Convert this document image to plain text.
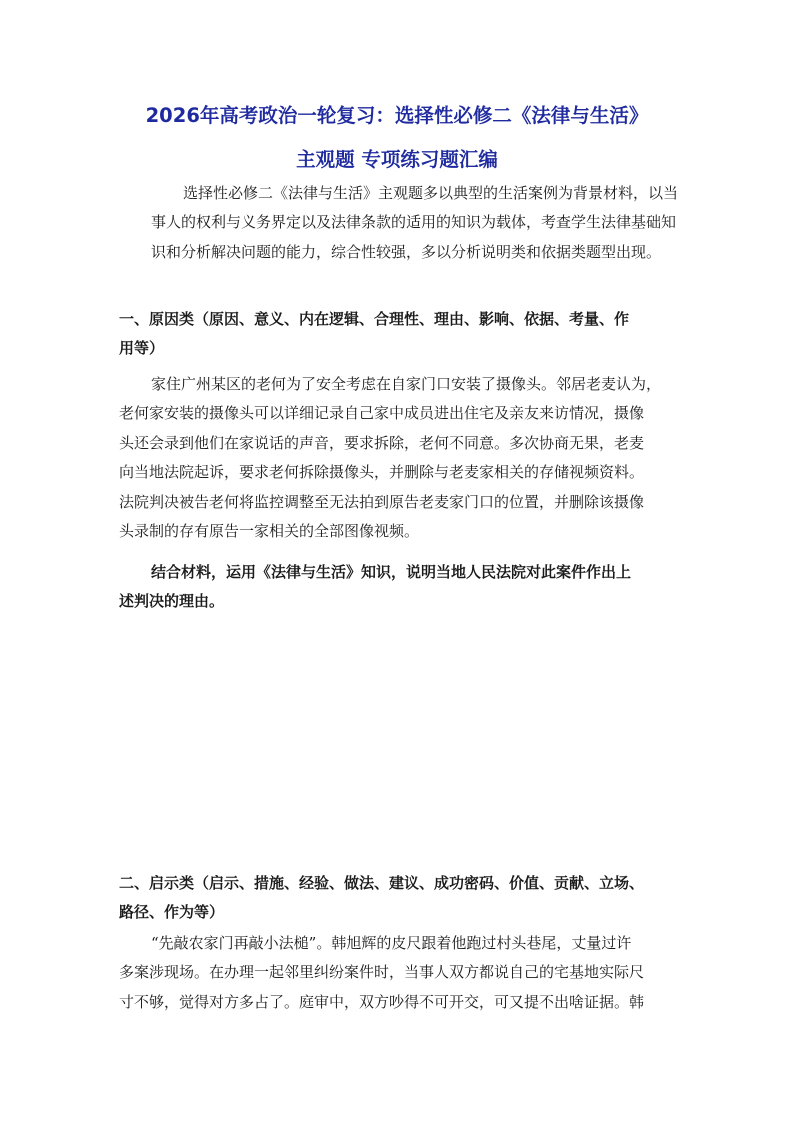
2026年高考政治一轮复习：选择性必修二《法律与生活》
主观题 专项练习题汇编
选择性必修二《法律与生活》主观题多以典型的生活案例为背景材料，以当
事人的权利与义务界定以及法律条款的适用的知识为载体，考查学生法律基础知
识和分析解决问题的能力，综合性较强，多以分析说明类和依据类题型出现。
一、原因类（原因、意义、内在逻辑、合理性、理由、影响、依据、考量、作
用等）
家住广州某区的老何为了安全考虑在自家门口安装了摄像头。邻居老麦认为，
老何家安装的摄像头可以详细记录自己家中成员进出住宅及亲友来访情况，摄像
头还会录到他们在家说话的声音，要求拆除，老何不同意。多次协商无果，老麦
向当地法院起诉，要求老何拆除摄像头，并删除与老麦家相关的存储视频资料。
法院判决被告老何将监控调整至无法拍到原告老麦家门口的位置，并删除该摄像
头录制的存有原告一家相关的全部图像视频。
结合材料，运用《法律与生活》知识，说明当地人民法院对此案件作出上
述判决的理由。
二、启示类（启示、措施、经验、做法、建议、成功密码、价值、贡献、立场、
路径、作为等）
“先敲农家门再敲小法槌”。韩旭辉的皮尺跟着他跑过村头巷尾，丈量过许
多案涉现场。在办理一起邻里纠纷案件时，当事人双方都说自己的宅基地实际尺
寸不够，觉得对方多占了。庭审中，双方吵得不可开交，可又提不出啥证据。韩
